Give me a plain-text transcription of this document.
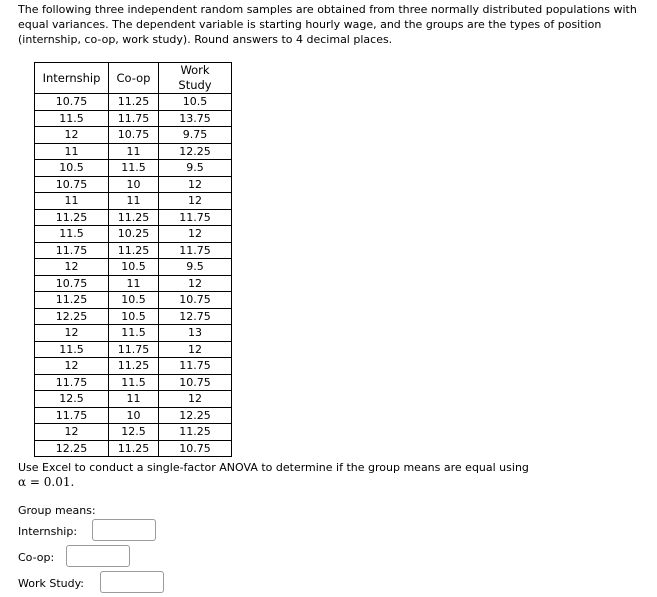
The following three independent random samples are obtained from three normally distributed populations with equal variances. The dependent variable is starting hourly wage, and the groups are the types of position (internship, co-op, work study). Round answers to 4 decimal places.

Internship	Co-op	Work Study
10.75	11.25	10.5
11.5	11.75	13.75
12	10.75	9.75
11	11	12.25
10.5	11.5	9.5
10.75	10	12
11	11	12
11.25	11.25	11.75
11.5	10.25	12
11.75	11.25	11.75
12	10.5	9.5
10.75	11	12
11.25	10.5	10.75
12.25	10.5	12.75
12	11.5	13
11.5	11.75	12
12	11.25	11.75
11.75	11.5	10.75
12.5	11	12
11.75	10	12.25
12	12.5	11.25
12.25	11.25	10.75

Use Excel to conduct a single-factor ANOVA to determine if the group means are equal using
α = 0.01.

Group means:
Internship:
Co-op:
Work Study:
